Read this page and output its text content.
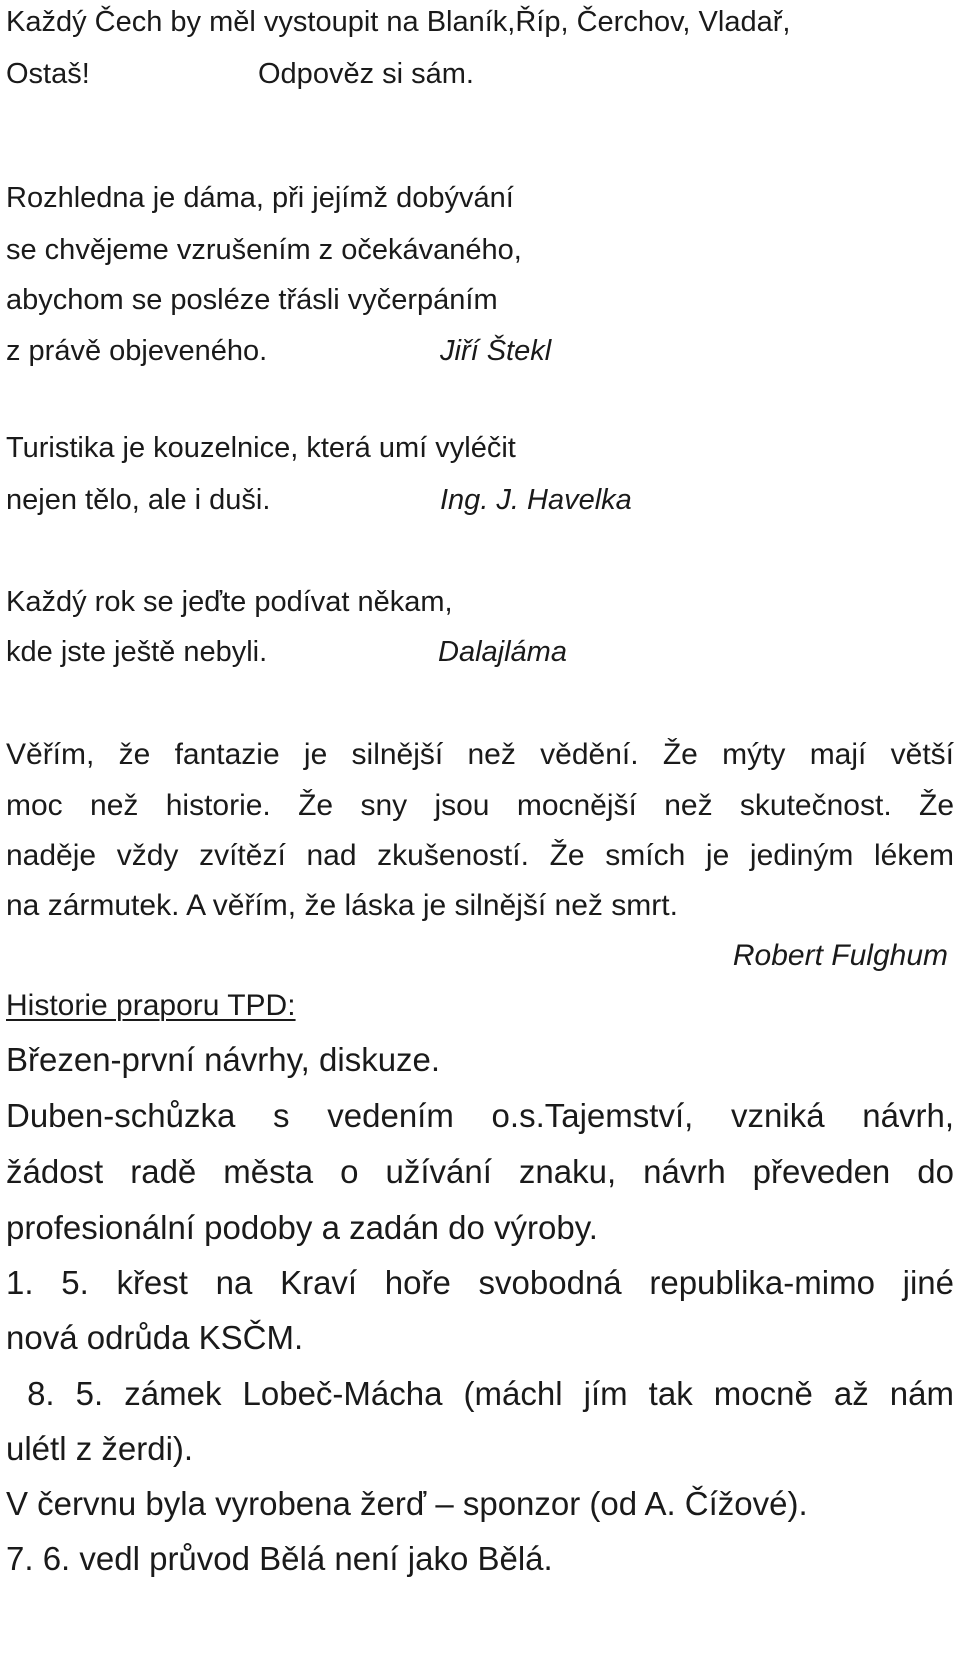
Každý Čech by měl vystoupit na Blaník,Říp, Čerchov, Vladař,
Ostaš!	Odpověz si sám.
Rozhledna je dáma, při jejímž dobývání
se chvějeme vzrušením z očekávaného,
abychom se posléze třásli vyčerpáním
z právě objeveného.	Jiří Štekl
Turistika je kouzelnice, která umí vyléčit
nejen tělo, ale i duši.	Ing. J. Havelka
Každý rok se jeďte podívat někam,
kde jste ještě nebyli.	Dalajláma
Věřím, že fantazie je silnější než vědění. Že mýty mají větší
moc než historie. Že sny jsou mocnější než skutečnost. Že
naděje vždy zvítězí nad zkušeností. Že smích je jediným lékem
na zármutek. A věřím, že láska je silnější než smrt.
Robert Fulghum
Historie praporu TPD:
Březen-první návrhy, diskuze.
Duben-schůzka s vedením o.s.Tajemství, vzniká návrh,
žádost radě města o užívání znaku, návrh převeden do
profesionální podoby a zadán do výroby.
1. 5. křest na Kraví hoře svobodná republika-mimo jiné
nová odrůda KSČM.
8. 5. zámek Lobeč-Mácha (máchl jím tak mocně až nám
ulétl z žerdi).
V červnu byla vyrobena žerď – sponzor (od A. Čížové).
7. 6. vedl průvod Bělá není jako Bělá.
